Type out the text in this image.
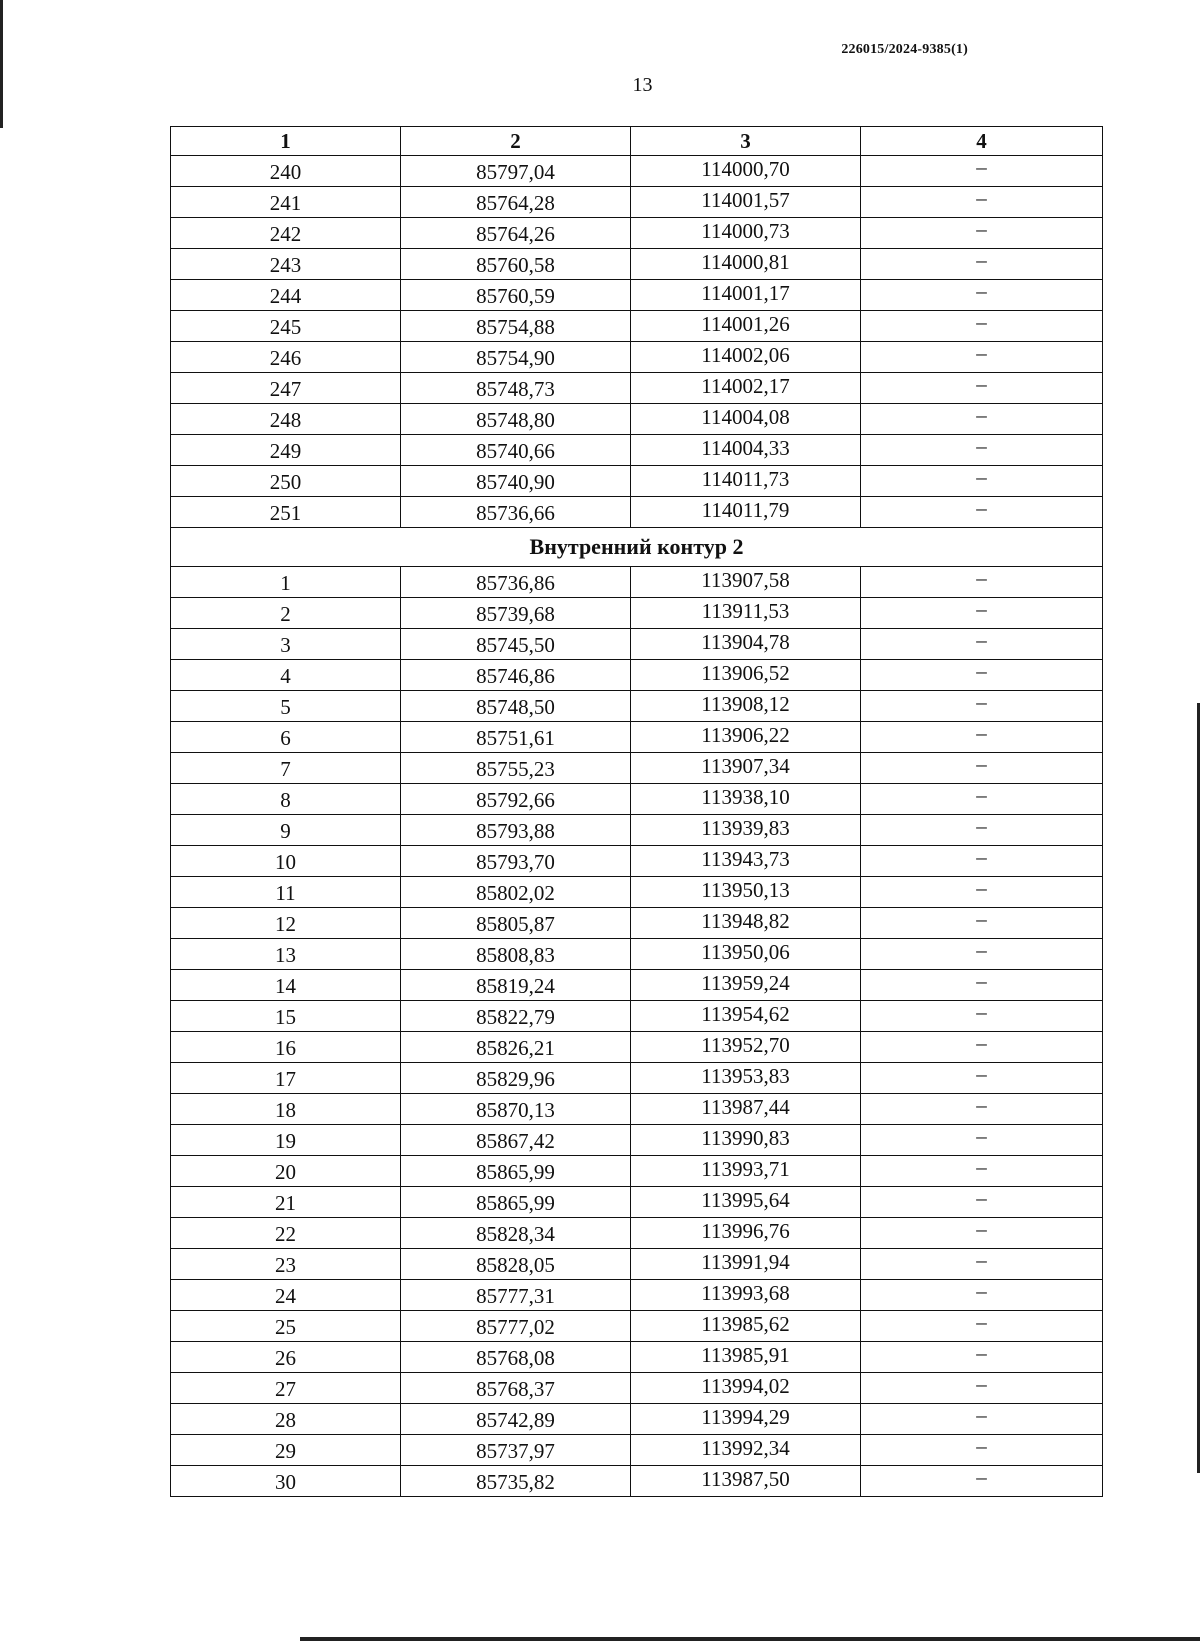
226015/2024-9385(1)
13
1	2	3	4
240	85797,04	114000,70	–
241	85764,28	114001,57	–
242	85764,26	114000,73	–
243	85760,58	114000,81	–
244	85760,59	114001,17	–
245	85754,88	114001,26	–
246	85754,90	114002,06	–
247	85748,73	114002,17	–
248	85748,80	114004,08	–
249	85740,66	114004,33	–
250	85740,90	114011,73	–
251	85736,66	114011,79	–
Внутренний контур 2			
1	85736,86	113907,58	–
2	85739,68	113911,53	–
3	85745,50	113904,78	–
4	85746,86	113906,52	–
5	85748,50	113908,12	–
6	85751,61	113906,22	–
7	85755,23	113907,34	–
8	85792,66	113938,10	–
9	85793,88	113939,83	–
10	85793,70	113943,73	–
11	85802,02	113950,13	–
12	85805,87	113948,82	–
13	85808,83	113950,06	–
14	85819,24	113959,24	–
15	85822,79	113954,62	–
16	85826,21	113952,70	–
17	85829,96	113953,83	–
18	85870,13	113987,44	–
19	85867,42	113990,83	–
20	85865,99	113993,71	–
21	85865,99	113995,64	–
22	85828,34	113996,76	–
23	85828,05	113991,94	–
24	85777,31	113993,68	–
25	85777,02	113985,62	–
26	85768,08	113985,91	–
27	85768,37	113994,02	–
28	85742,89	113994,29	–
29	85737,97	113992,34	–
30	85735,82	113987,50	–
